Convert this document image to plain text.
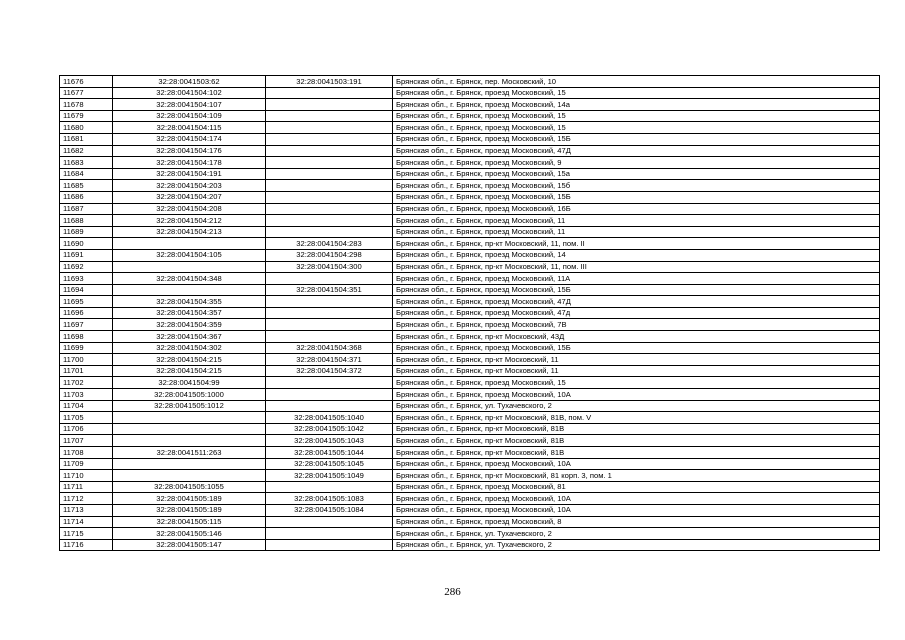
11676	32:28:0041503:62	32:28:0041503:191	Брянская обл., г. Брянск, пер. Московский, 10
11677	32:28:0041504:102		Брянская обл., г. Брянск, проезд Московский, 15
11678	32:28:0041504:107		Брянская обл., г. Брянск, проезд Московский, 14а
11679	32:28:0041504:109		Брянская обл., г. Брянск, проезд Московский, 15
11680	32:28:0041504:115		Брянская обл., г. Брянск, проезд Московский, 15
11681	32:28:0041504:174		Брянская обл., г. Брянск, проезд Московский, 15Б
11682	32:28:0041504:176		Брянская обл., г. Брянск, проезд Московский, 47Д
11683	32:28:0041504:178		Брянская обл., г. Брянск, проезд Московский, 9
11684	32:28:0041504:191		Брянская обл., г. Брянск, проезд Московский, 15а
11685	32:28:0041504:203		Брянская обл., г. Брянск, проезд Московский, 15б
11686	32:28:0041504:207		Брянская обл., г. Брянск, проезд Московский, 15Б
11687	32:28:0041504:208		Брянская обл., г. Брянск, проезд Московский, 16Б
11688	32:28:0041504:212		Брянская обл., г. Брянск, проезд Московский, 11
11689	32:28:0041504:213		Брянская обл., г. Брянск, проезд Московский, 11
11690		32:28:0041504:283	Брянская обл., г. Брянск, пр-кт Московский, 11, пом. II
11691	32:28:0041504:105	32:28:0041504:298	Брянская обл., г. Брянск, проезд Московский, 14
11692		32:28:0041504:300	Брянская обл., г. Брянск, пр-кт Московский, 11, пом. III
11693	32:28:0041504:348		Брянская обл., г. Брянск, проезд Московский, 11А
11694		32:28:0041504:351	Брянская обл., г. Брянск, проезд Московский, 15Б
11695	32:28:0041504:355		Брянская обл., г. Брянск, проезд Московский, 47Д
11696	32:28:0041504:357		Брянская обл., г. Брянск, проезд Московский, 47д
11697	32:28:0041504:359		Брянская обл., г. Брянск, проезд Московский, 7В
11698	32:28:0041504:367		Брянская обл., г. Брянск, пр-кт Московский, 43Д
11699	32:28:0041504:302	32:28:0041504:368	Брянская обл., г. Брянск, проезд Московский, 15Б
11700	32:28:0041504:215	32:28:0041504:371	Брянская обл., г. Брянск, пр-кт Московский, 11
11701	32:28:0041504:215	32:28:0041504:372	Брянская обл., г. Брянск, пр-кт Московский, 11
11702	32:28:0041504:99		Брянская обл., г. Брянск, проезд Московский, 15
11703	32:28:0041505:1000		Брянская обл., г. Брянск, проезд Московский, 10А
11704	32:28:0041505:1012		Брянская обл., г. Брянск, ул. Тухачевского, 2
11705		32:28:0041505:1040	Брянская обл., г. Брянск, пр-кт Московский, 81В, пом. V
11706		32:28:0041505:1042	Брянская обл., г. Брянск, пр-кт Московский, 81В
11707		32:28:0041505:1043	Брянская обл., г. Брянск, пр-кт Московский, 81В
11708	32:28:0041511:263	32:28:0041505:1044	Брянская обл., г. Брянск, пр-кт Московский, 81В
11709		32:28:0041505:1045	Брянская обл., г. Брянск, проезд Московский, 10А
11710		32:28:0041505:1049	Брянская обл., г. Брянск, пр-кт Московский, 81 корп. 3, пом. 1
11711	32:28:0041505:1055		Брянская обл., г. Брянск, проезд Московский, 81
11712	32:28:0041505:189	32:28:0041505:1083	Брянская обл., г. Брянск, проезд Московский, 10А
11713	32:28:0041505:189	32:28:0041505:1084	Брянская обл., г. Брянск, проезд Московский, 10А
11714	32:28:0041505:115		Брянская обл., г. Брянск, проезд Московский, 8
11715	32:28:0041505:146		Брянская обл., г. Брянск, ул. Тухачевского, 2
11716	32:28:0041505:147		Брянская обл., г. Брянск, ул. Тухачевского, 2
286
